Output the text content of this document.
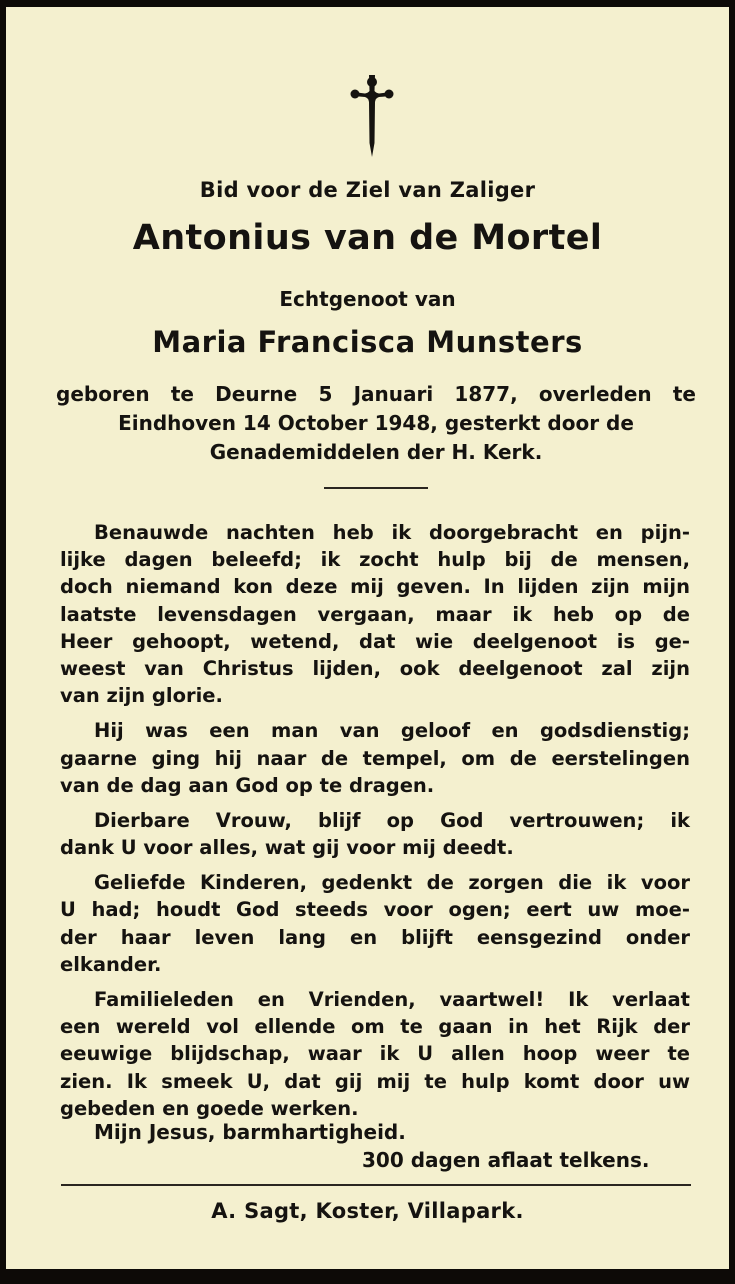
Bid voor de Ziel van Zaliger
Antonius van de Mortel
Echtgenoot van
Maria Francisca Munsters
geboren te Deurne 5 Januari 1877, overleden te
Eindhoven 14 October 1948, gesterkt door de
Genademiddelen der H. Kerk.
Benauwde nachten heb ik doorgebracht en pijn-
lijke dagen beleefd; ik zocht hulp bij de mensen,
doch niemand kon deze mij geven. In lijden zijn mijn
laatste levensdagen vergaan, maar ik heb op de
Heer gehoopt, wetend, dat wie deelgenoot is ge-
weest van Christus lijden, ook deelgenoot zal zijn
van zijn glorie.
Hij was een man van geloof en godsdienstig;
gaarne ging hij naar de tempel, om de eerstelingen
van de dag aan God op te dragen.
Dierbare Vrouw, blijf op God vertrouwen; ik
dank U voor alles, wat gij voor mij deedt.
Geliefde Kinderen, gedenkt de zorgen die ik voor
U had; houdt God steeds voor ogen; eert uw moe-
der haar leven lang en blijft eensgezind onder
elkander.
Familieleden en Vrienden, vaartwel! Ik verlaat
een wereld vol ellende om te gaan in het Rijk der
eeuwige blijdschap, waar ik U allen hoop weer te
zien. Ik smeek U, dat gij mij te hulp komt door uw
gebeden en goede werken.
Mijn Jesus, barmhartigheid.
300 dagen aflaat telkens.
A. Sagt, Koster, Villapark.
